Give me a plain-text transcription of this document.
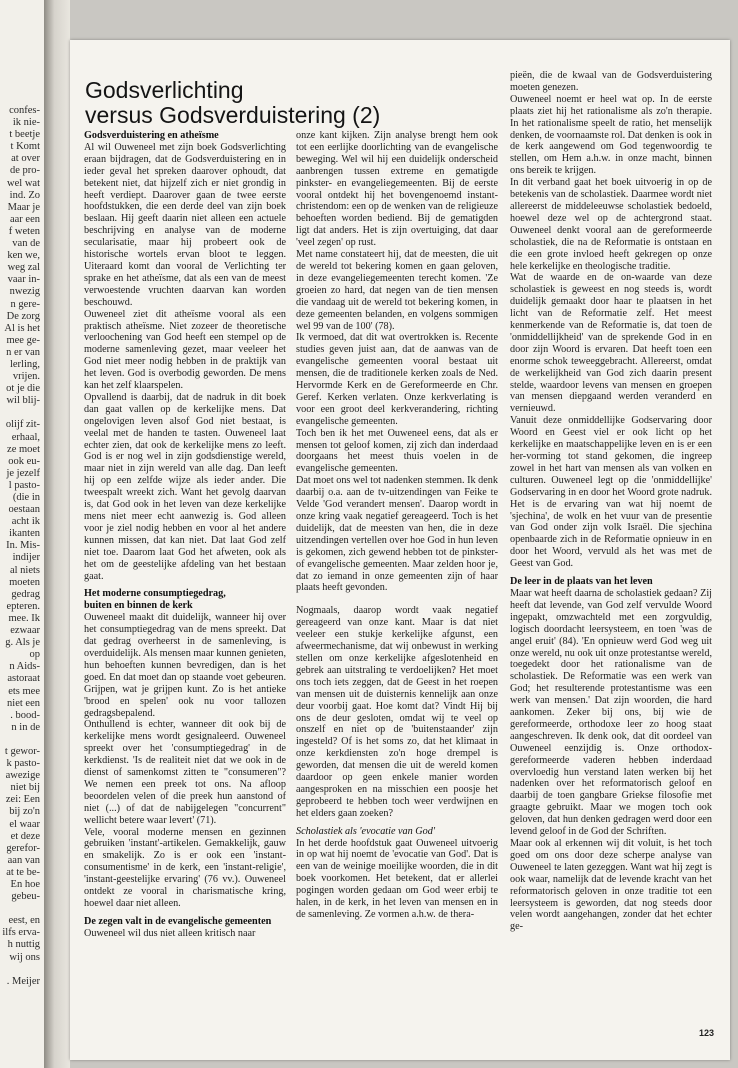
confes-
ik nie-
t beetje
t Komt
at over
de pro-
wel wat
ind. Zo
Maar je
aar een
f weten
van de
ken we,
weg zal
vaar in-
nwezig
n gere-
De zorg
Al is het
mee ge-
n er van
lerling,
vrijen.
ot je die
wil blij-

olijf zit-
erhaal,
ze moet
ook eu-
je jezelf
l pasto-
(die in
oestaan
acht ik
ikanten
In. Mis-
indijer
al niets
moeten
gedrag
epteren.
mee. Ik
ezwaar
g. Als je
op
n Aids-
astoraat
ets mee
niet een
. bood-
n in de

t gewor-
k pasto-
awezige
niet bij
zei: Een
bij zo'n
el waar
et deze
gerefor-
aan van
at te be-
En hoe
gebeu-

eest, en
ilfs erva-
h nuttig
wij ons

. Meijer
Godsverlichting
versus Godsverduistering (2)
Godsverduistering en atheïsme

Al wil Ouweneel met zijn boek Godsverlichting eraan bijdragen, dat de Godsverduistering en in ieder geval het spreken daarover ophoudt, dat betekent niet, dat hijzelf zich er niet grondig in heeft verdiept. Daarover gaan de twee eerste hoofdstukken, die een derde deel van zijn boek beslaan. Hij geeft daarin niet alleen een actuele beschrijving en analyse van de moderne secularisatie, maar hij probeert ook de historische wortels ervan bloot te leggen. Uiteraard komt dan vooral de Verlichting ter sprake en het atheïsme, dat als een van de meest verwoestende vruchten daarvan kan worden beschouwd.

Ouweneel ziet dit atheïsme vooral als een praktisch atheïsme. Niet zozeer de theoretische verloochening van God heeft een stempel op de moderne samenleving gezet, maar veeleer het God niet meer nodig hebben in de praktijk van het leven. God is overbodig geworden. De mens kan het zelf klaarspelen.

Opvallend is daarbij, dat de nadruk in dit boek dan gaat vallen op de kerkelijke mens. Dat ongelovigen leven alsof God niet bestaat, is veelal met de handen te tasten. Ouweneel laat echter zien, dat ook de kerkelijke mens zo leeft. God is er nog wel in zijn godsdienstige wereld, maar niet in zijn wereld van alle dag. Dan leeft hij op een zelfde wijze als ieder ander. Die tweespalt wreekt zich. Want het gevolg daarvan is, dat God ook in het leven van deze kerkelijke mens niet meer echt aanwezig is. God alleen voor je ziel nodig hebben en voor al het andere kunnen missen, dat kan niet. Dat laat God zelf niet toe. Daarom laat God het afweten, ook als het om de geestelijke afdeling van het bestaan gaat.

Het moderne consumptiegedrag,
buiten en binnen de kerk

Ouweneel maakt dit duidelijk, wanneer hij over het consumptiegedrag van de mens spreekt. Dat dat gedrag overheerst in de samenleving, is overduidelijk. Als mensen maar kunnen genieten, hun behoeften kunnen bevredigen, dan is het goed. En dat moet dan op staande voet gebeuren. Grijpen, wat je grijpen kunt. Zo is het antieke 'brood en spelen' ook nu voor tallozen gedragsbepalend.

Onthullend is echter, wanneer dit ook bij de kerkelijke mens wordt gesignaleerd. Ouweneel spreekt over het 'consumptiegedrag' in de kerkdienst. 'Is de realiteit niet dat we ook in de dienst of samenkomst zitten te "consumeren"? We nemen een preek tot ons. Na afloop beoordelen velen of die preek hun aanstond of niet (...) of dat de nabijgelegen "concurrent" wellicht betere waar levert' (71).

Vele, vooral moderne mensen en gezinnen gebruiken 'instant'-artikelen. Gemakkelijk, gauw en smakelijk. Zo is er ook een 'instant-consumentisme' in de kerk, een 'instant-religie', 'instant-geestelijke ervaring' (76 vv.). Ouweneel ontdekt ze vooral in charismatische kring, hoewel daar niet alleen.

De zegen valt in de evangelische gemeenten

Ouweneel wil dus niet alleen kritisch naar

onze kant kijken. Zijn analyse brengt hem ook tot een eerlijke doorlichting van de evangelische beweging. Wel wil hij een duidelijk onderscheid aanbrengen tussen extreme en gematigde pinkster- en evangeliegemeenten. Bij de eerste vooral ontdekt hij het bovengenoemd instant-christendom: een op de wenken van de religieuze behoeften worden bediend. Bij de gematigden ligt dat anders. Het is zijn overtuiging, dat daar 'veel zegen' op rust.

Met name constateert hij, dat de meesten, die uit de wereld tot bekering komen en gaan geloven, in deze evangeliegemeenten terecht komen. 'Ze groeien zo hard, dat negen van de tien mensen die vandaag uit de wereld tot bekering komen, in deze gemeenten belanden, en volgens sommigen wel 99 van de 100' (78).

Ik vermoed, dat dit wat overtrokken is. Recente studies geven juist aan, dat de aanwas van de evangelische gemeenten vooral bestaat uit mensen, die de traditionele kerken zoals de Ned. Hervormde Kerk en de Gereformeerde en Chr. Geref. Kerken verlaten. Onze kerkverlating is voor een groot deel kerkverandering, richting evangelische gemeenten.

Toch ben ik het met Ouweneel eens, dat als er mensen tot geloof komen, zij zich dan inderdaad doorgaans het meest thuis voelen in de evangelische gemeenten.

Dat moet ons wel tot nadenken stemmen. Ik denk daarbij o.a. aan de tv-uitzendingen van Feike te Velde 'God verandert mensen'. Daarop wordt in onze kring vaak negatief gereageerd. Toch is het duidelijk, dat de meesten van hen, die in deze uitzendingen vertellen over hoe God in hun leven is gekomen, zich gewend hebben tot de pinkster- of evangelische gemeenten. Maar zelden hoor je, dat zo iemand in onze gemeenten zijn of haar plaats heeft gevonden.

Nogmaals, daarop wordt vaak negatief gereageerd van onze kant. Maar is dat niet veeleer een stukje kerkelijke afgunst, een afweermechanisme, dat wij onbewust in werking stellen om onze kerkelijke afgeslotenheid en gebrek aan uitstraling te verdoelijken? Het moet ons toch iets zeggen, dat de Geest in het roepen van mensen uit de duisternis kennelijk aan onze deur voorbij gaat. Hoe komt dat? Vindt Hij bij ons de deur gesloten, omdat wij te veel op onszelf en niet op de 'buitenstaander' zijn ingesteld? Of is het soms zo, dat het klimaat in onze kerkdiensten zo'n hoge drempel is geworden, dat mensen die uit de wereld komen daardoor op geen enkele manier worden aangesproken en na misschien een poosje het geprobeerd te hebben toch weer verdwijnen en het elders gaan zoeken?

Scholastiek als 'evocatie van God'

In het derde hoofdstuk gaat Ouweneel uitvoerig in op wat hij noemt de 'evocatie van God'. Dat is een van de weinige moeilijke woorden, die in dit boek voorkomen. Het betekent, dat er allerlei pogingen worden gedaan om God weer erbij te halen, in de kerk, in het leven van mensen en in de samenleving. Ze vormen a.h.w. de thera-

pieën, die de kwaal van de Godsverduistering moeten genezen.

Ouweneel noemt er heel wat op. In de eerste plaats ziet hij het rationalisme als zo'n therapie. In het rationalisme speelt de ratio, het menselijk denken, de voornaamste rol. Dat denken is ook in de kerk aangewend om God tegenwoordig te stellen, om Hem a.h.w. in onze macht, binnen ons bereik te krijgen.

In dit verband gaat het boek uitvoerig in op de betekenis van de scholastiek. Daarmee wordt niet allereerst de middeleeuwse scholastiek bedoeld, hoewel deze wel op de achtergrond staat. Ouweneel denkt vooral aan de gereformeerde scholastiek, die na de Reformatie is ontstaan en die een grote invloed heeft gekregen op onze hele kerkelijke en theologische traditie.

Wat de waarde en de on-waarde van deze scholastiek is geweest en nog steeds is, wordt duidelijk gemaakt door haar te plaatsen in het licht van de Reformatie zelf. Het meest kenmerkende van de Reformatie is, dat toen de 'onmiddellijkheid' van de sprekende God in en door zijn Woord is ervaren. Dat heeft toen een enorme schok teweeggebracht. Allereerst, omdat de werkelijkheid van God zich daarin present stelde, waardoor levens van mensen en groepen van mensen diepgaand werden veranderd en vernieuwd.

Vanuit deze onmiddellijke Godservaring door Woord en Geest viel er ook licht op het kerkelijke en maatschappelijke leven en is er een her-vorming tot stand gekomen, die ingreep zowel in het hart van mensen als van volken en culturen. Ouweneel legt op die 'onmiddellijke' Godservaring in en door het Woord grote nadruk. Het is de ervaring van wat hij noemt de 'sjechina', de wolk en het vuur van de presentie van God onder zijn volk Israël. Die sjechina openbaarde zich in de Reformatie opnieuw in en door het Woord, vervuld als het was met de Geest van God.

De leer in de plaats van het leven

Maar wat heeft daarna de scholastiek gedaan? Zij heeft dat levende, van God zelf vervulde Woord ingepakt, omzwachteld met een zorgvuldig, logisch doordacht leersysteem, en toen 'was de angel eruit' (84). 'En opnieuw werd God weg uit onze wereld, nu ook uit onze protestantse wereld, toegedekt door het rationalisme van de scholastiek. De Reformatie was een werk van God; het resulterende protestantisme was een werk van mensen.' Dat zijn woorden, die hard aankomen. Zeker bij ons, bij wie de gereformeerde, orthodoxe leer zo hoog staat aangeschreven. Ik denk ook, dat dit oordeel van Ouweneel eenzijdig is. Onze orthodox-gereformeerde vaderen hebben inderdaad overvloedig hun verstand laten werken bij het nadenken over het reformatorisch geloof en daarbij de toen gangbare Griekse filosofie met graagte gebruikt. Maar we mogen toch ook geloven, dat hun denken gedragen werd door een levend geloof in de God der Schriften.

Maar ook al erkennen wij dit voluit, is het toch goed om ons door deze scherpe analyse van Ouweneel te laten gezeggen. Want wat hij zegt is ook waar, namelijk dat de levende kracht van het reformatorisch geloven in onze traditie tot een leersysteem is geworden, dat nog steeds door velen wordt aangehangen, zonder dat het echter ge-

123
